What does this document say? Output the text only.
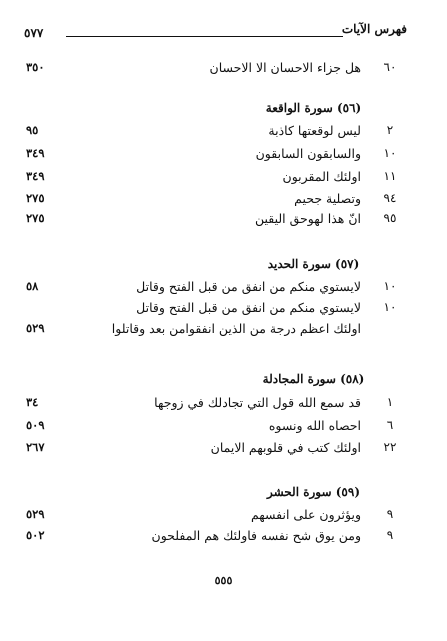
فهرس الآيات
٥٧٧
٦٠
هل جزاء الاحسان الا الاحسان
٣٥٠
(٥٦) سورة الواقعة
٢
ليس لوقعتها كاذبة
٩٥
١٠
والسابقون السابقون
٣٤٩
١١
اولئك المقربون
٣٤٩
٩٤
وتصلية جحيم
٢٧٥
٩٥
انّ هذا لهوحق اليقين
٢٧٥
(٥٧) سورة الحديد
١٠
لايستوي منكم من انفق من قبل الفتح وقاتل
٥٨
١٠
لايستوي منكم من انفق من قبل الفتح وقاتل
اولئك اعظم درجة من الذين انفقوامن بعد وقاتلوا
٥٢٩
(٥٨) سورة المجادلة
١
قد سمع الله قول التي تجادلك في زوجها
٣٤
٦
احصاه الله ونسوه
٥٠٩
٢٢
اولئك كتب في قلوبهم الايمان
٢٦٧
(٥٩) سورة الحشر
٩
ويؤثرون على انفسهم
٥٢٩
٩
ومن يوق شح نفسه فاولئك هم المفلحون
٥٠٢
٥٥٥
